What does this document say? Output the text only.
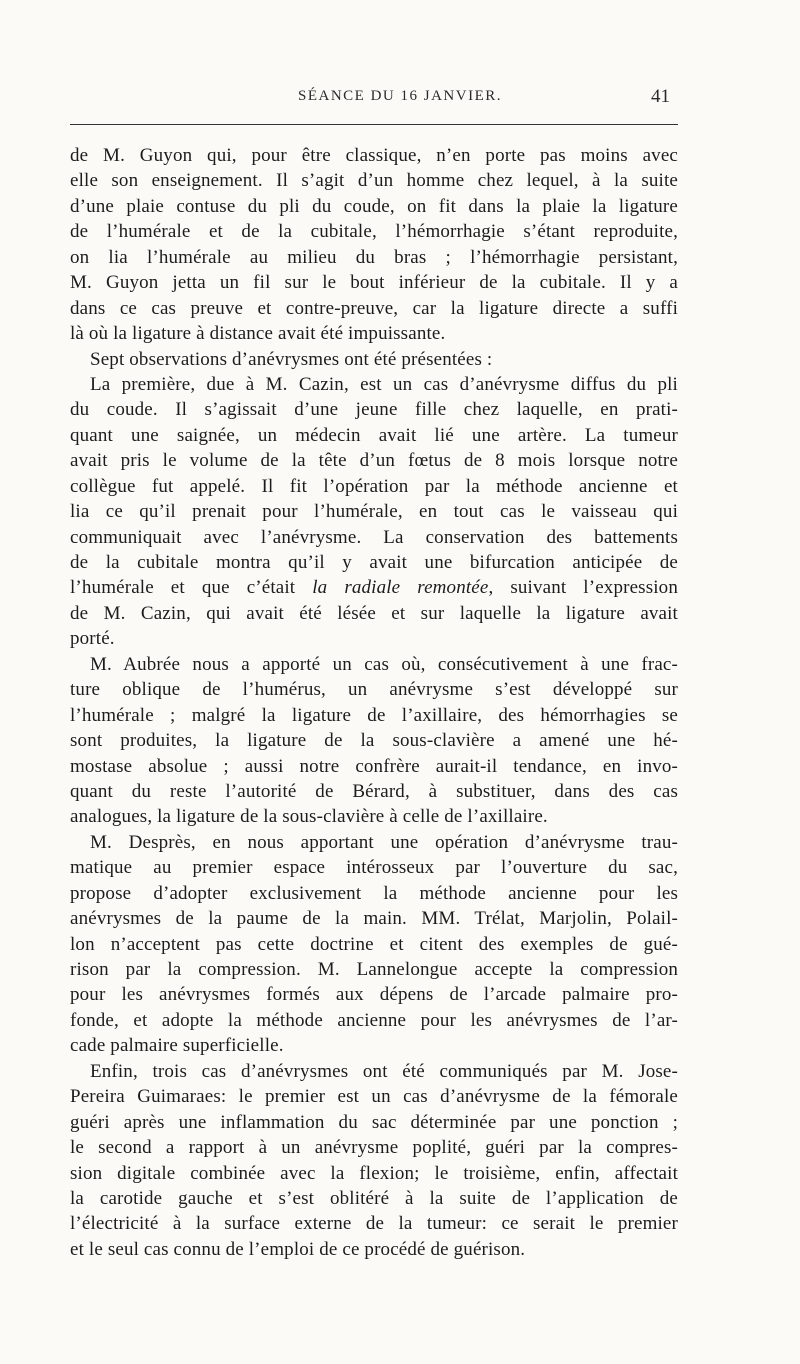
SÉANCE DU 16 JANVIER.	41
de M. Guyon qui, pour être classique, n’en porte pas moins avec
elle son enseignement. Il s’agit d’un homme chez lequel, à la suite
d’une plaie contuse du pli du coude, on fit dans la plaie la ligature
de l’humérale et de la cubitale, l’hémorrhagie s’étant reproduite,
on lia l’humérale au milieu du bras ; l’hémorrhagie persistant,
M. Guyon jetta un fil sur le bout inférieur de la cubitale. Il y a
dans ce cas preuve et contre-preuve, car la ligature directe a suffi
là où la ligature à distance avait été impuissante.
Sept observations d’anévrysmes ont été présentées :
La première, due à M. Cazin, est un cas d’anévrysme diffus du pli
du coude. Il s’agissait d’une jeune fille chez laquelle, en prati-
quant une saignée, un médecin avait lié une artère. La tumeur
avait pris le volume de la tête d’un fœtus de 8 mois lorsque notre
collègue fut appelé. Il fit l’opération par la méthode ancienne et
lia ce qu’il prenait pour l’humérale, en tout cas le vaisseau qui
communiquait avec l’anévrysme. La conservation des battements
de la cubitale montra qu’il y avait une bifurcation anticipée de
l’humérale et que c’était la radiale remontée, suivant l’expression
de M. Cazin, qui avait été lésée et sur laquelle la ligature avait
porté.
M. Aubrée nous a apporté un cas où, consécutivement à une frac-
ture oblique de l’humérus, un anévrysme s’est développé sur
l’humérale ; malgré la ligature de l’axillaire, des hémorrhagies se
sont produites, la ligature de la sous-clavière a amené une hé-
mostase absolue ; aussi notre confrère aurait-il tendance, en invo-
quant du reste l’autorité de Bérard, à substituer, dans des cas
analogues, la ligature de la sous-clavière à celle de l’axillaire.
M. Desprès, en nous apportant une opération d’anévrysme trau-
matique au premier espace intérosseux par l’ouverture du sac,
propose d’adopter exclusivement la méthode ancienne pour les
anévrysmes de la paume de la main. MM. Trélat, Marjolin, Polail-
lon n’acceptent pas cette doctrine et citent des exemples de gué-
rison par la compression. M. Lannelongue accepte la compression
pour les anévrysmes formés aux dépens de l’arcade palmaire pro-
fonde, et adopte la méthode ancienne pour les anévrysmes de l’ar-
cade palmaire superficielle.
Enfin, trois cas d’anévrysmes ont été communiqués par M. Jose-
Pereira Guimaraes: le premier est un cas d’anévrysme de la fémorale
guéri après une inflammation du sac déterminée par une ponction ;
le second a rapport à un anévrysme poplité, guéri par la compres-
sion digitale combinée avec la flexion; le troisième, enfin, affectait
la carotide gauche et s’est oblitéré à la suite de l’application de
l’électricité à la surface externe de la tumeur: ce serait le premier
et le seul cas connu de l’emploi de ce procédé de guérison.
